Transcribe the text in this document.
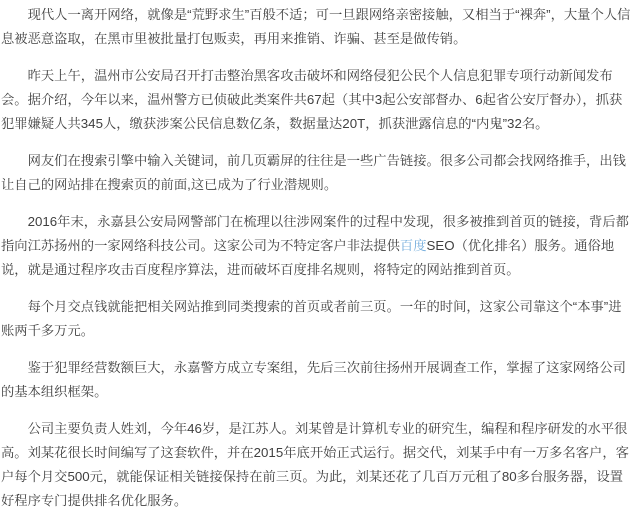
现代人一离开网络，就像是“荒野求生”百般不适；可一旦跟网络亲密接触，又相当于“裸奔”，大量个人信息被恶意盗取，在黑市里被批量打包贩卖，再用来推销、诈骗、甚至是做传销。

昨天上午，温州市公安局召开打击整治黑客攻击破坏和网络侵犯公民个人信息犯罪专项行动新闻发布会。据介绍，今年以来，温州警方已侦破此类案件共67起（其中3起公安部督办、6起省公安厅督办），抓获犯罪嫌疑人共345人，缴获涉案公民信息数亿条，数据量达20T，抓获泄露信息的“内鬼”32名。

网友们在搜索引擎中输入关键词，前几页霸屏的往往是一些广告链接。很多公司都会找网络推手，出钱让自己的网站排在搜索页的前面,这已成为了行业潜规则。

2016年末，永嘉县公安局网警部门在梳理以往涉网案件的过程中发现，很多被推到首页的链接，背后都指向江苏扬州的一家网络科技公司。这家公司为不特定客户非法提供百度SEO（优化排名）服务。通俗地说，就是通过程序攻击百度程序算法，进而破坏百度排名规则，将特定的网站推到首页。

每个月交点钱就能把相关网站推到同类搜索的首页或者前三页。一年的时间，这家公司靠这个“本事”进账两千多万元。

鉴于犯罪经营数额巨大，永嘉警方成立专案组，先后三次前往扬州开展调查工作，掌握了这家网络公司的基本组织框架。

公司主要负责人姓刘，今年46岁，是江苏人。刘某曾是计算机专业的研究生，编程和程序研发的水平很高。刘某花很长时间编写了这套软件，并在2015年底开始正式运行。据交代，刘某手中有一万多名客户，客户每个月交500元，就能保证相关链接保持在前三页。为此，刘某还花了几百万元租了80多台服务器，设置好程序专门提供排名优化服务。
